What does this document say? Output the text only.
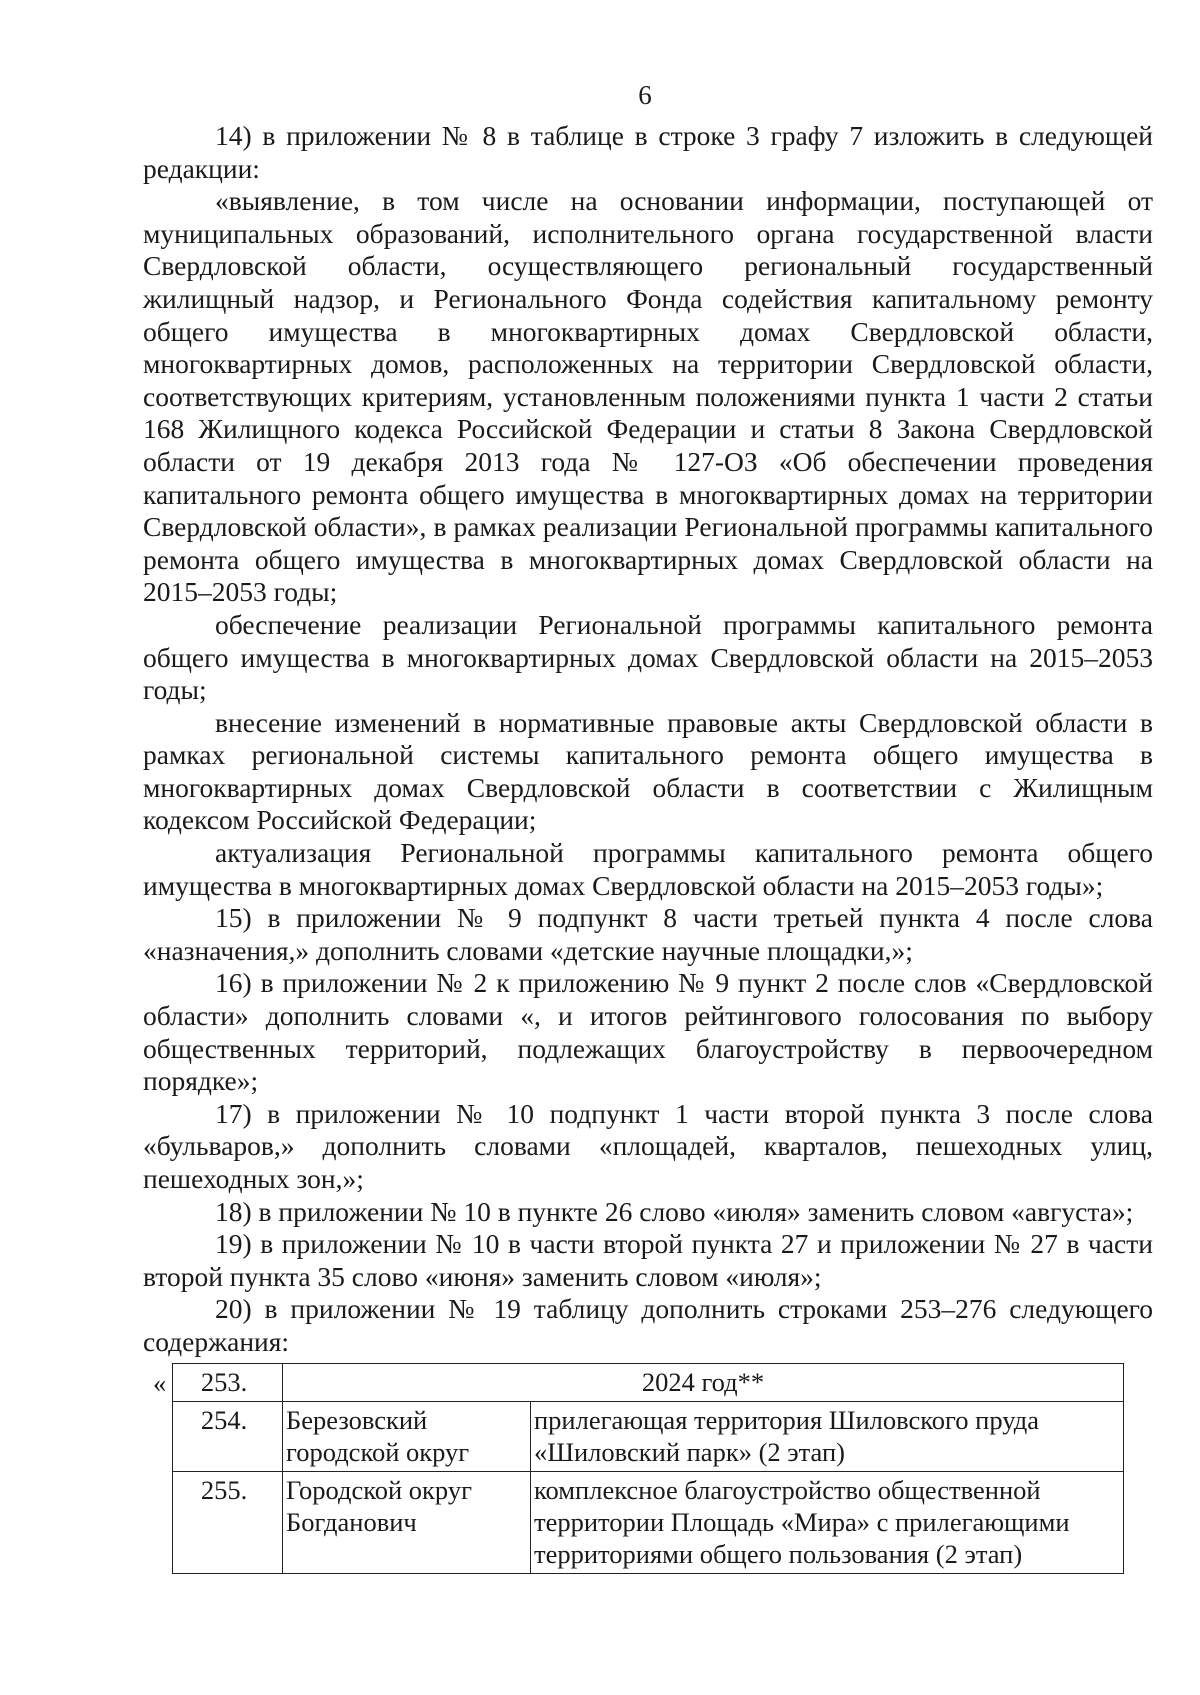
6

14) в приложении № 8 в таблице в строке 3 графу 7 изложить в следующей редакции:

«выявление, в том числе на основании информации, поступающей от муниципальных образований, исполнительного органа государственной власти Свердловской области, осуществляющего региональный государственный жилищный надзор, и Регионального Фонда содействия капитальному ремонту общего имущества в многоквартирных домах Свердловской области, многоквартирных домов, расположенных на территории Свердловской области, соответствующих критериям, установленным положениями пункта 1 части 2 статьи 168 Жилищного кодекса Российской Федерации и статьи 8 Закона Свердловской области от 19 декабря 2013 года № 127-ОЗ «Об обеспечении проведения капитального ремонта общего имущества в многоквартирных домах на территории Свердловской области», в рамках реализации Региональной программы капитального ремонта общего имущества в многоквартирных домах Свердловской области на 2015–2053 годы;

обеспечение реализации Региональной программы капитального ремонта общего имущества в многоквартирных домах Свердловской области на 2015–2053 годы;

внесение изменений в нормативные правовые акты Свердловской области в рамках региональной системы капитального ремонта общего имущества в многоквартирных домах Свердловской области в соответствии с Жилищным кодексом Российской Федерации;

актуализация Региональной программы капитального ремонта общего имущества в многоквартирных домах Свердловской области на 2015–2053 годы»;

15) в приложении № 9 подпункт 8 части третьей пункта 4 после слова «назначения,» дополнить словами «детские научные площадки,»;

16) в приложении № 2 к приложению № 9 пункт 2 после слов «Свердловской области» дополнить словами «, и итогов рейтингового голосования по выбору общественных территорий, подлежащих благоустройству в первоочередном порядке»;

17) в приложении № 10 подпункт 1 части второй пункта 3 после слова «бульваров,» дополнить словами «площадей, кварталов, пешеходных улиц, пешеходных зон,»;

18) в приложении № 10 в пункте 26 слово «июля» заменить словом «августа»;

19) в приложении № 10 в части второй пункта 27 и приложении № 27 в части второй пункта 35 слово «июня» заменить словом «июля»;

20) в приложении № 19 таблицу дополнить строками 253–276 следующего содержания:

« 253.	2024 год**	
254.	Березовский городской округ	прилегающая территория Шиловского пруда «Шиловский парк» (2 этап)
255.	Городской округ Богданович	комплексное благоустройство общественной территории Площадь «Мира» с прилегающими территориями общего пользования (2 этап)
